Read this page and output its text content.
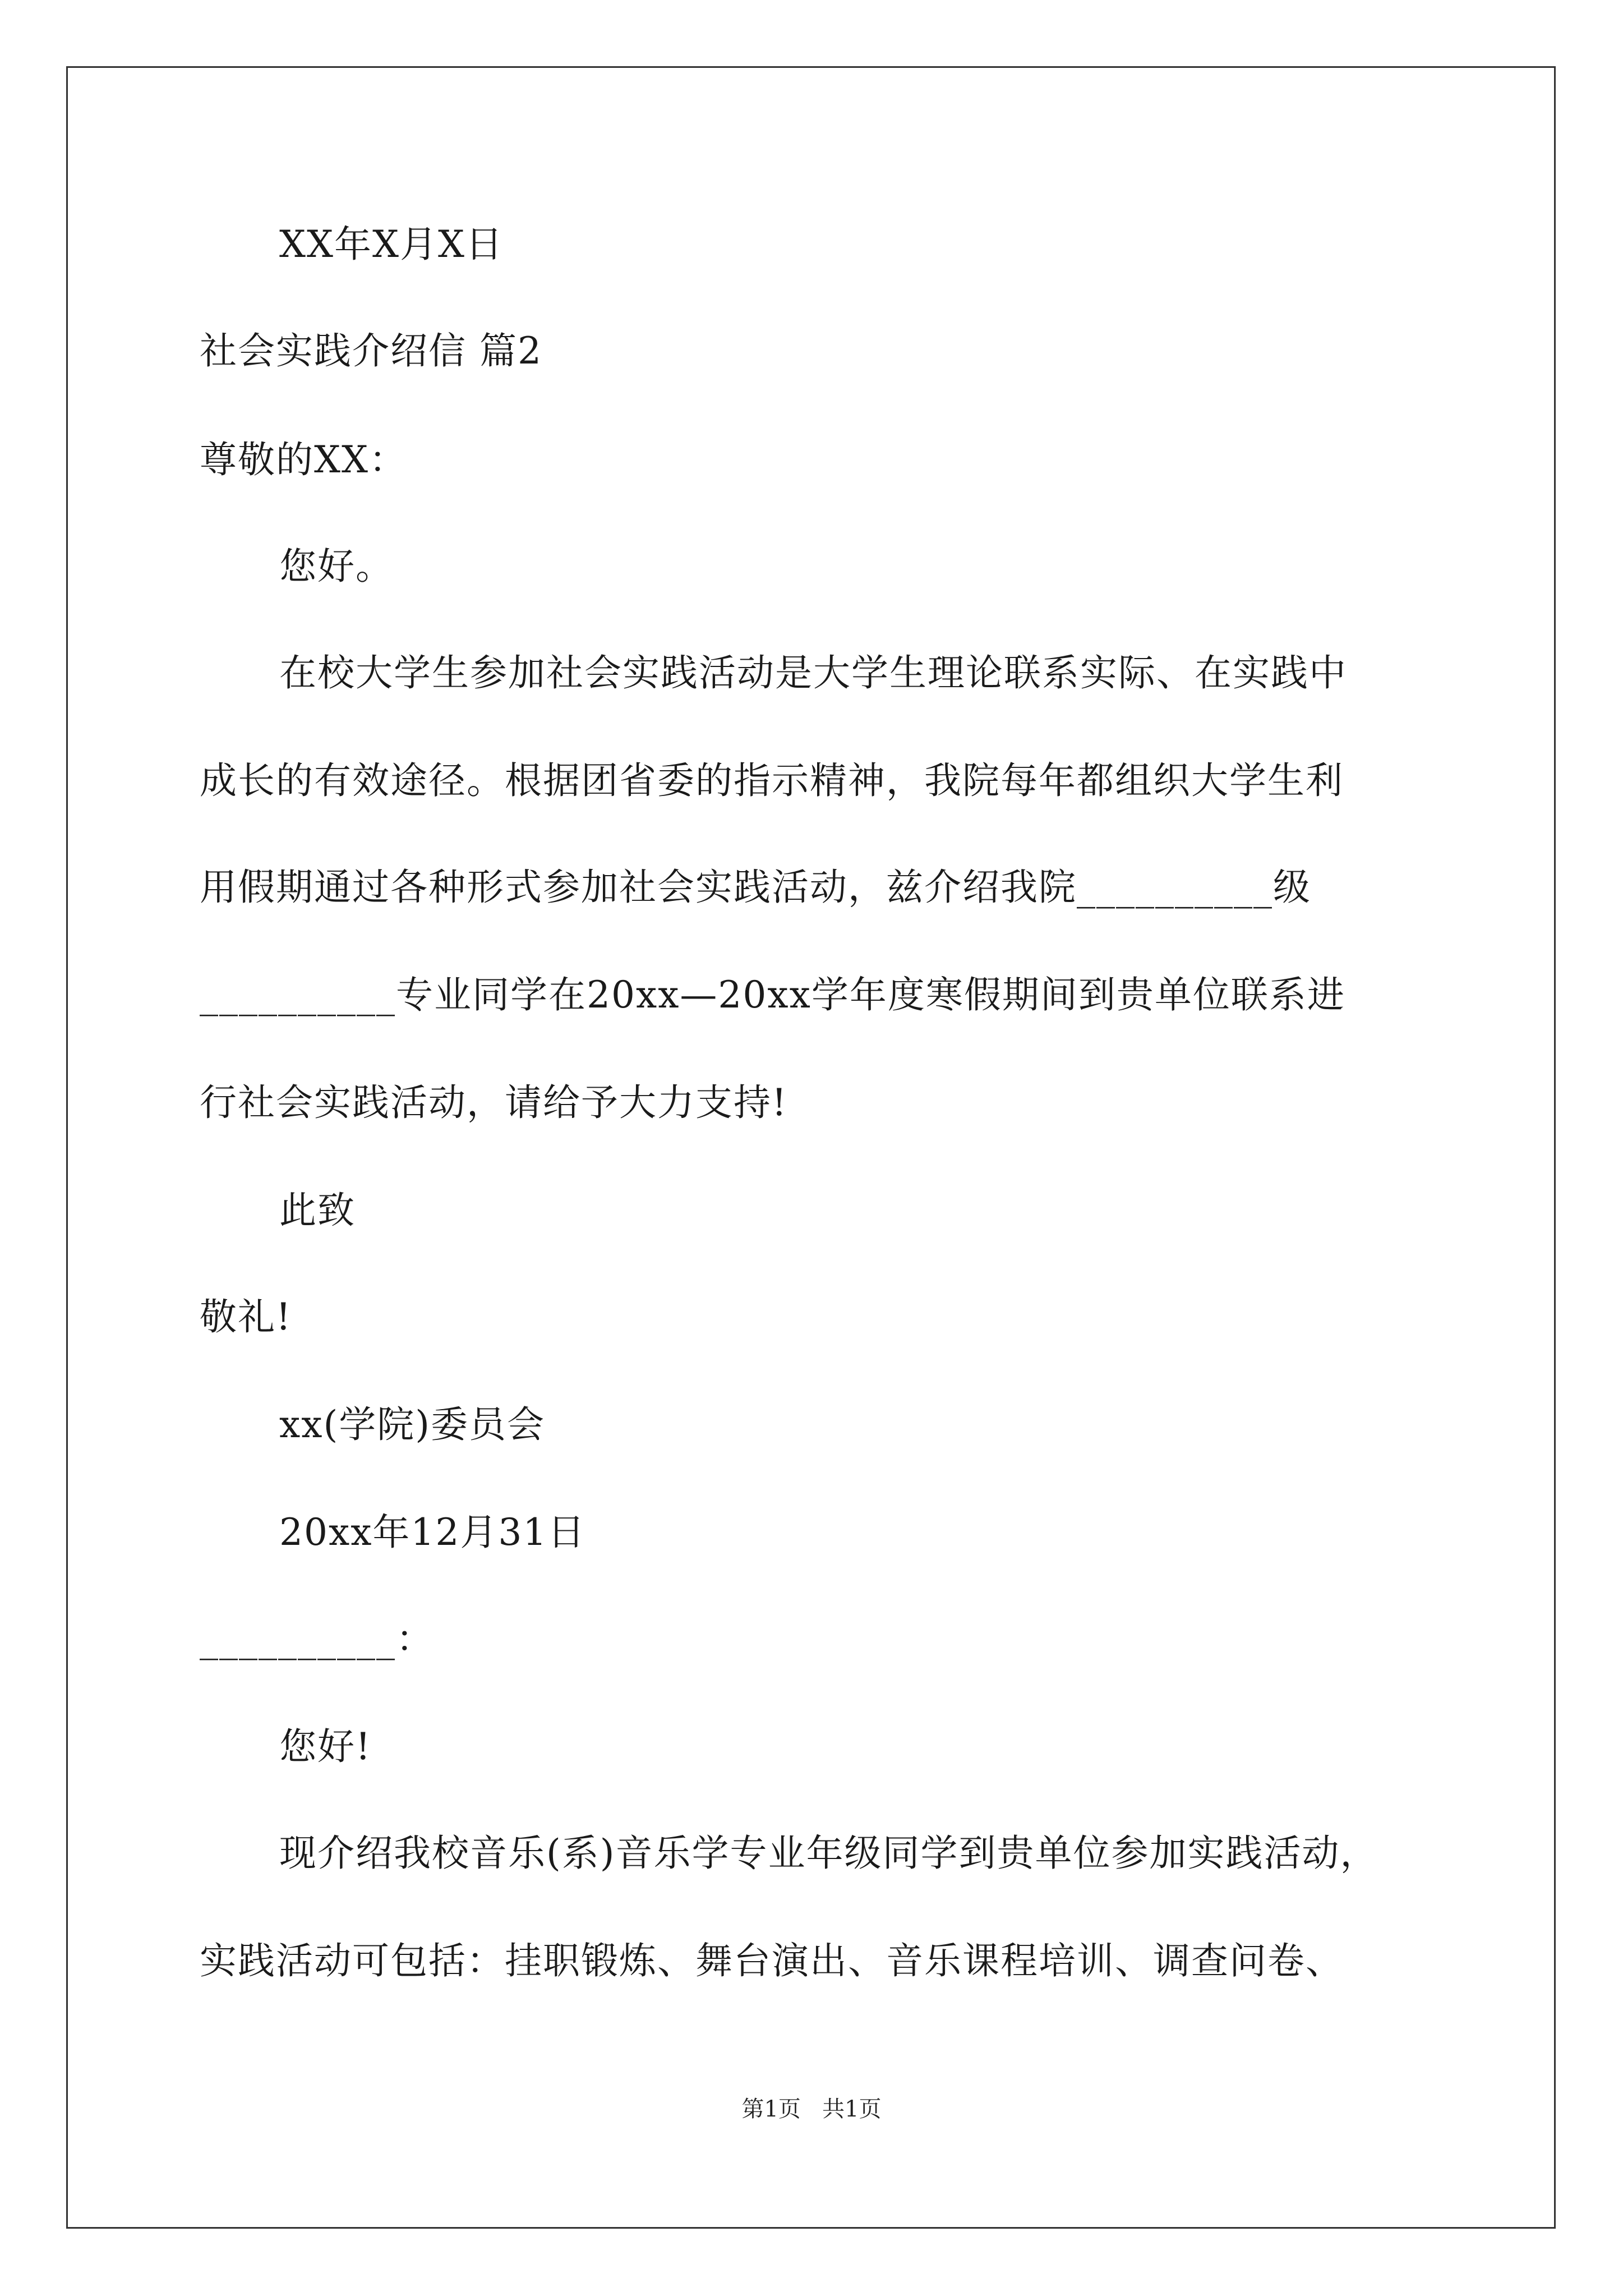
XX年X月X日
社会实践介绍信 篇2
尊敬的XX：
您好。
在校大学生参加社会实践活动是大学生理论联系实际、在实践中
成长的有效途径。根据团省委的指示精神，我院每年都组织大学生利
用假期通过各种形式参加社会实践活动，兹介绍我院__________级
__________专业同学在20xx—20xx学年度寒假期间到贵单位联系进
行社会实践活动，请给予大力支持!
此致
敬礼!
xx(学院)委员会
20xx年12月31日
__________：
您好!
现介绍我校音乐(系)音乐学专业年级同学到贵单位参加实践活动，
实践活动可包括：挂职锻炼、舞台演出、音乐课程培训、调查问卷、
第1页   共1页
